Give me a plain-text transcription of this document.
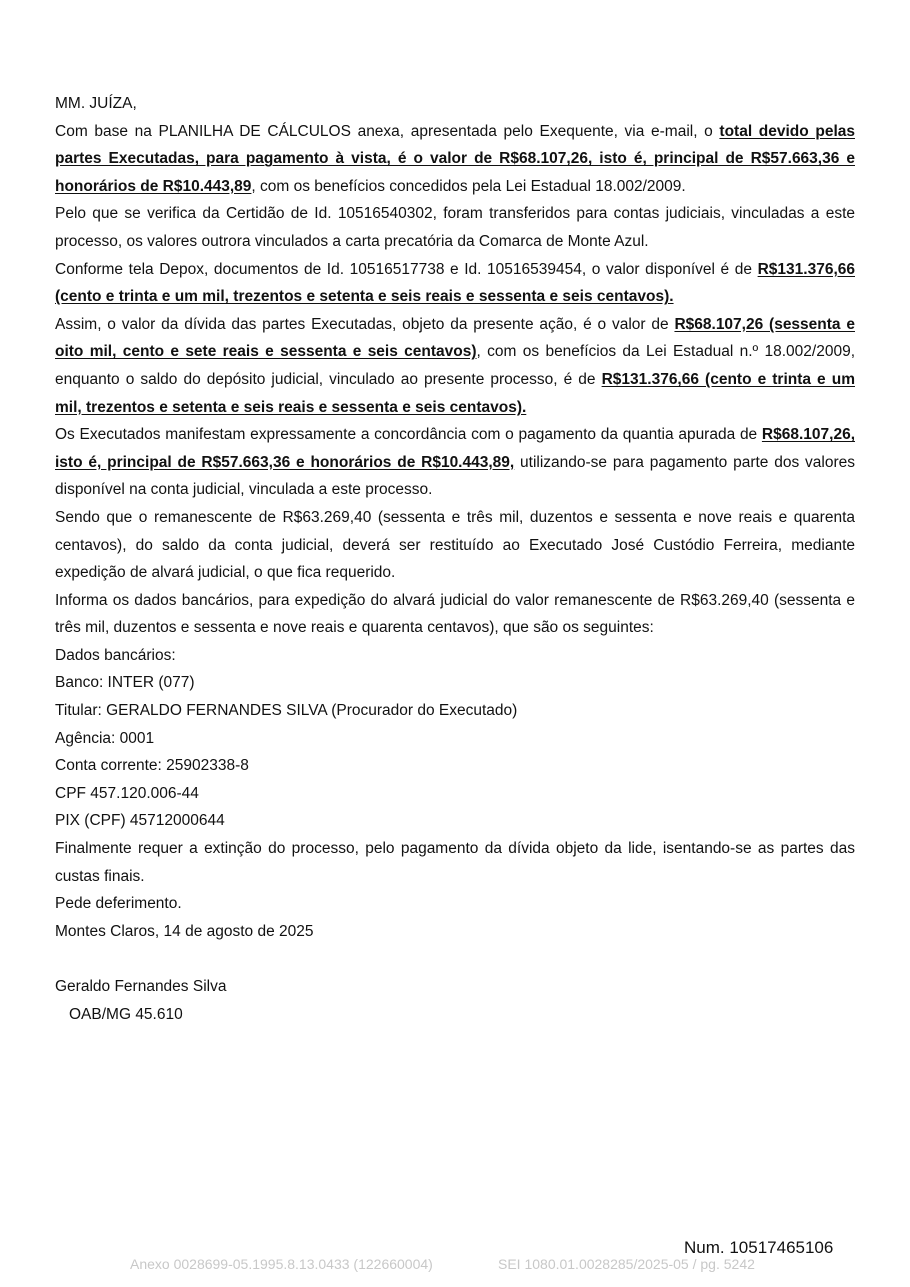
MM. JUÍZA,

Com base na PLANILHA DE CÁLCULOS anexa, apresentada pelo Exequente, via e-mail, o total devido pelas partes Executadas, para pagamento à vista, é o valor de R$68.107,26, isto é, principal de R$57.663,36 e honorários de R$10.443,89, com os benefícios concedidos pela Lei Estadual 18.002/2009.

Pelo que se verifica da Certidão de Id. 10516540302, foram transferidos para contas judiciais, vinculadas a este processo, os valores outrora vinculados a carta precatória da Comarca de Monte Azul.

Conforme tela Depox, documentos de Id. 10516517738 e Id. 10516539454, o valor disponível é de R$131.376,66 (cento e trinta e um mil, trezentos e setenta e seis reais e sessenta e seis centavos).

Assim, o valor da dívida das partes Executadas, objeto da presente ação, é o valor de R$68.107,26 (sessenta e oito mil, cento e sete reais e sessenta e seis centavos), com os benefícios da Lei Estadual n.º 18.002/2009, enquanto o saldo do depósito judicial, vinculado ao presente processo, é de R$131.376,66 (cento e trinta e um mil, trezentos e setenta e seis reais e sessenta e seis centavos).

Os Executados manifestam expressamente a concordância com o pagamento da quantia apurada de R$68.107,26, isto é, principal de R$57.663,36 e honorários de R$10.443,89, utilizando-se para pagamento parte dos valores disponível na conta judicial, vinculada a este processo.

Sendo que o remanescente de R$63.269,40 (sessenta e três mil, duzentos e sessenta e nove reais e quarenta centavos), do saldo da conta judicial, deverá ser restituído ao Executado José Custódio Ferreira, mediante expedição de alvará judicial, o que fica requerido.

Informa os dados bancários, para expedição do alvará judicial do valor remanescente de R$63.269,40 (sessenta e três mil, duzentos e sessenta e nove reais e quarenta centavos), que são os seguintes:

Dados bancários:

Banco: INTER (077)

Titular: GERALDO FERNANDES SILVA (Procurador do Executado)

Agência: 0001

Conta corrente: 25902338-8

CPF 457.120.006-44

PIX (CPF) 45712000644

Finalmente requer a extinção do processo, pelo pagamento da dívida objeto da lide, isentando-se as partes das custas finais.

Pede deferimento.

Montes Claros, 14 de agosto de 2025

Geraldo Fernandes Silva

OAB/MG 45.610

Num. 10517465106
Anexo 0028699-05.1995.8.13.0433 (122660004)	SEI 1080.01.0028285/2025-05 / pg. 5242
